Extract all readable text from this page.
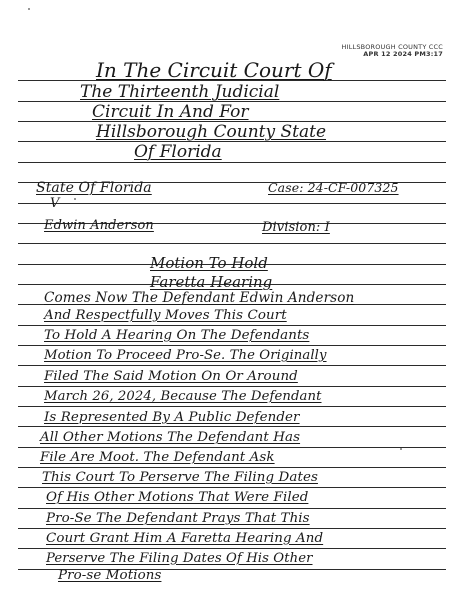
HILLSBOROUGH COUNTY CCC
APR 12 2024 PM3:17
In The Circuit Court Of
The Thirteenth Judicial
Circuit In And For
Hillsborough County State
Of Florida
State Of Florida	Case: 24-CF-007325
V
Edwin Anderson	Division: I
Motion To Hold
Faretta Hearing
Comes Now The Defendant Edwin Anderson
And Respectfully Moves This Court
To Hold A Hearing On The Defendants
Motion To Proceed Pro-Se. The Originally
Filed The Said Motion On Or Around
March 26, 2024, Because The Defendant
Is Represented By A Public Defender
All Other Motions The Defendant Has
File Are Moot. The Defendant Ask
This Court To Perserve The Filing Dates
Of His Other Motions That Were Filed
Pro-Se The Defendant Prays That This
Court Grant Him A Faretta Hearing And
Perserve The Filing Dates Of His Other
Pro-se Motions
